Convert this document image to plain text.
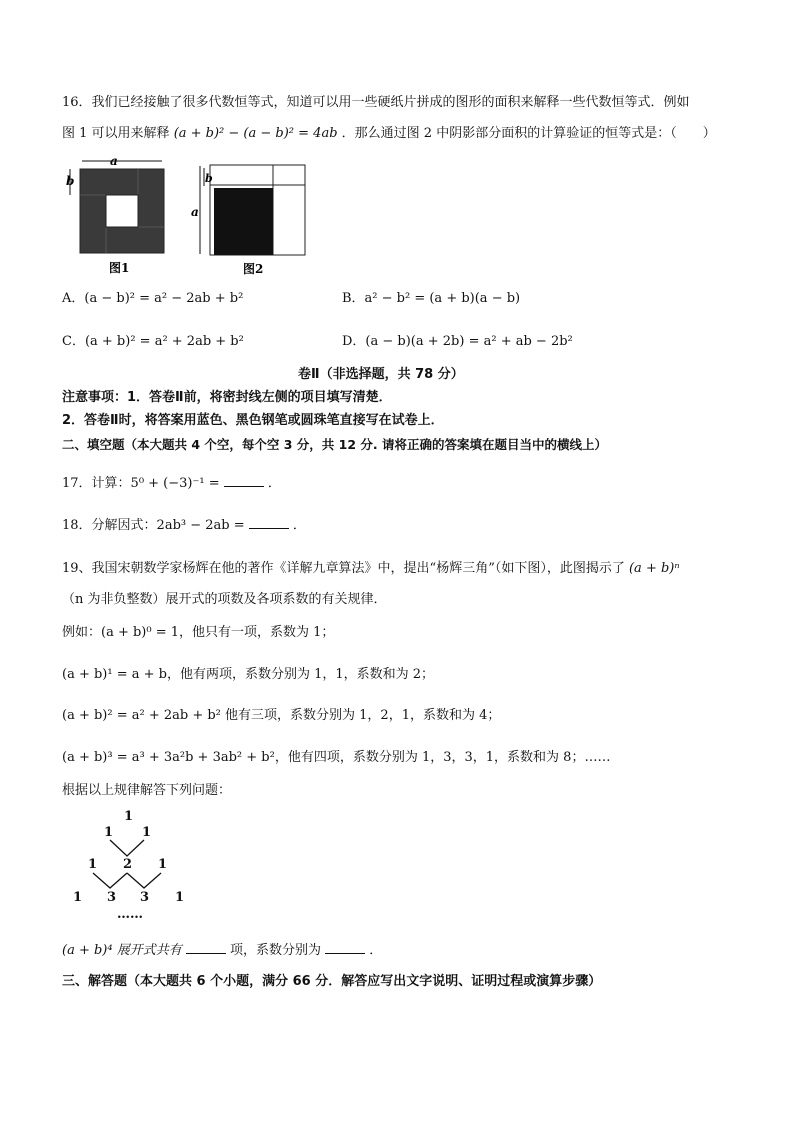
16．我们已经接触了很多代数恒等式，知道可以用一些硬纸片拼成的图形的面积来解释一些代数恒等式．例如
图 1 可以用来解释 (a + b)² − (a − b)² = 4ab ．那么通过图 2 中阴影部分面积的计算验证的恒等式是：（　　）
a
b
图1
b
a
图2
A．(a − b)² = a² − 2ab + b²	B．a² − b² = (a + b)(a − b)
C．(a + b)² = a² + 2ab + b²	D．(a − b)(a + 2b) = a² + ab − 2b²
卷Ⅱ（非选择题，共 78 分）
注意事项：1．答卷Ⅱ前，将密封线左侧的项目填写清楚．
2．答卷Ⅱ时，将答案用蓝色、黑色钢笔或圆珠笔直接写在试卷上．
二、填空题（本大题共 4 个空，每个空 3 分，共 12 分. 请将正确的答案填在题目当中的横线上）
17．计算：5⁰ + (−3)⁻¹ =	．
18．分解因式：2ab³ − 2ab =	．
19、我国宋朝数学家杨辉在他的著作《详解九章算法》中，提出“杨辉三角”（如下图），此图揭示了 (a + b)ⁿ
（n 为非负整数）展开式的项数及各项系数的有关规律．
例如：(a + b)⁰ = 1，他只有一项，系数为 1；
(a + b)¹ = a + b，他有两项，系数分别为 1，1，系数和为 2；
(a + b)² = a² + 2ab + b² 他有三项，系数分别为 1，2，1，系数和为 4；
(a + b)³ = a³ + 3a²b + 3ab² + b²，他有四项，系数分别为 1，3，3，1，系数和为 8；……
根据以上规律解答下列问题：
1
1 1
1 2 1
1 3 3 1
……
(a + b)⁴ 展开式共有	项，系数分别为	．
三、解答题（本大题共 6 个小题，满分 66 分．解答应写出文字说明、证明过程或演算步骤）
